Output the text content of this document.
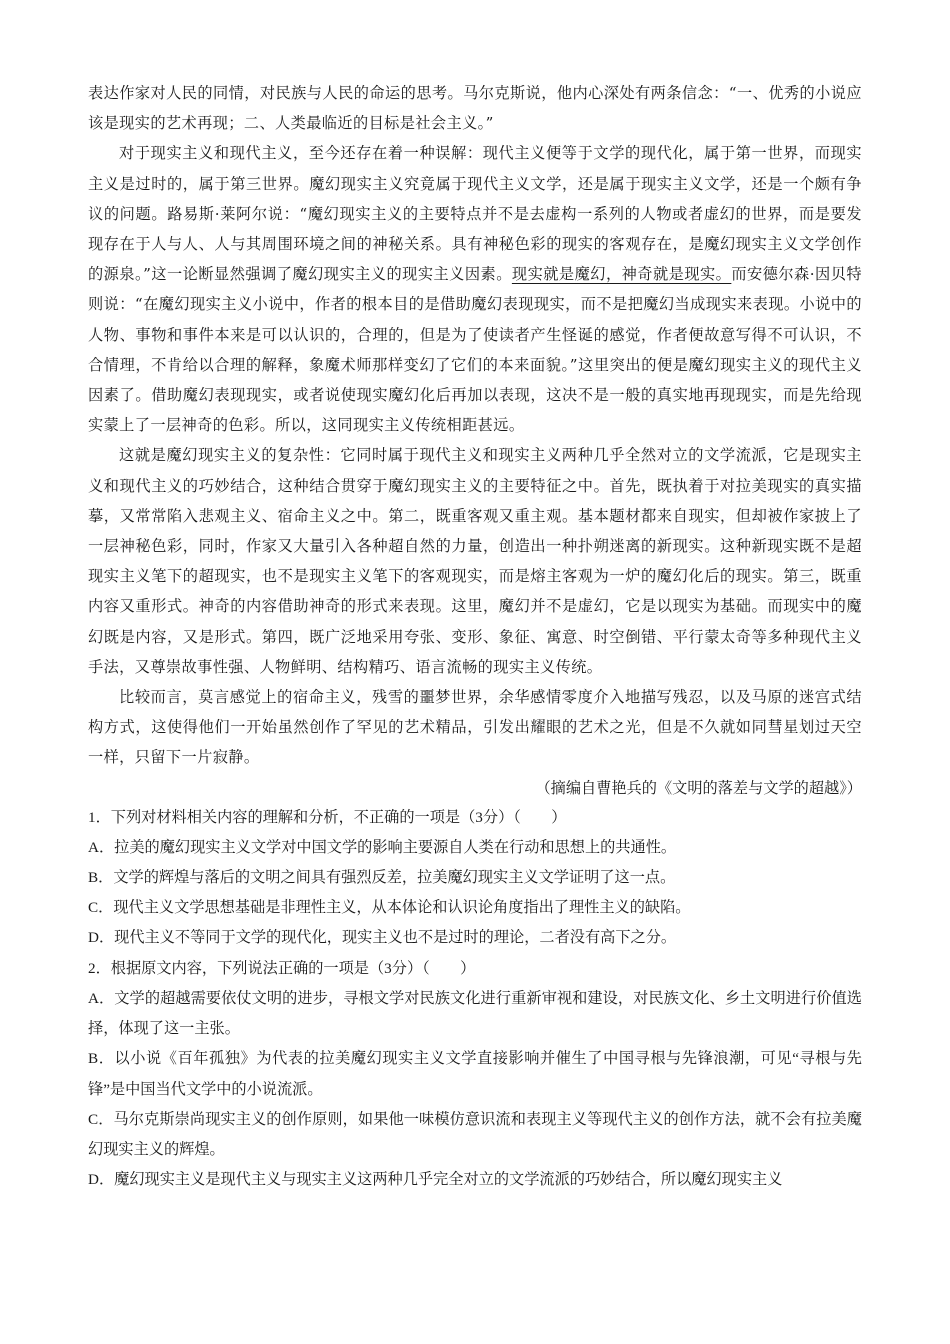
表达作家对人民的同情，对民族与人民的命运的思考。马尔克斯说，他内心深处有两条信念：“一、优秀的小说应该是现实的艺术再现；二、人类最临近的目标是社会主义。”

对于现实主义和现代主义，至今还存在着一种误解：现代主义便等于文学的现代化，属于第一世界，而现实主义是过时的，属于第三世界。魔幻现实主义究竟属于现代主义文学，还是属于现实主义文学，还是一个颇有争议的问题。路易斯·莱阿尔说：“魔幻现实主义的主要特点并不是去虚构一系列的人物或者虚幻的世界，而是要发现存在于人与人、人与其周围环境之间的神秘关系。具有神秘色彩的现实的客观存在，是魔幻现实主义文学创作的源泉。”这一论断显然强调了魔幻现实主义的现实主义因素。现实就是魔幻，神奇就是现实。而安德尔森·因贝特则说：“在魔幻现实主义小说中，作者的根本目的是借助魔幻表现现实，而不是把魔幻当成现实来表现。小说中的人物、事物和事件本来是可以认识的，合理的，但是为了使读者产生怪诞的感觉，作者便故意写得不可认识，不合情理，不肯给以合理的解释，象魔术师那样变幻了它们的本来面貌。”这里突出的便是魔幻现实主义的现代主义因素了。借助魔幻表现现实，或者说使现实魔幻化后再加以表现，这决不是一般的真实地再现现实，而是先给现实蒙上了一层神奇的色彩。所以，这同现实主义传统相距甚远。

这就是魔幻现实主义的复杂性：它同时属于现代主义和现实主义两种几乎全然对立的文学流派，它是现实主义和现代主义的巧妙结合，这种结合贯穿于魔幻现实主义的主要特征之中。首先，既执着于对拉美现实的真实描摹，又常常陷入悲观主义、宿命主义之中。第二，既重客观又重主观。基本题材都来自现实，但却被作家披上了一层神秘色彩，同时，作家又大量引入各种超自然的力量，创造出一种扑朔迷离的新现实。这种新现实既不是超现实主义笔下的超现实，也不是现实主义笔下的客观现实，而是熔主客观为一炉的魔幻化后的现实。第三，既重内容又重形式。神奇的内容借助神奇的形式来表现。这里，魔幻并不是虚幻，它是以现实为基础。而现实中的魔幻既是内容，又是形式。第四，既广泛地采用夸张、变形、象征、寓意、时空倒错、平行蒙太奇等多种现代主义手法，又尊崇故事性强、人物鲜明、结构精巧、语言流畅的现实主义传统。

比较而言，莫言感觉上的宿命主义，残雪的噩梦世界，余华感情零度介入地描写残忍，以及马原的迷宫式结构方式，这使得他们一开始虽然创作了罕见的艺术精品，引发出耀眼的艺术之光，但是不久就如同彗星划过天空一样，只留下一片寂静。

（摘编自曹艳兵的《文明的落差与文学的超越》）

1．下列对材料相关内容的理解和分析，不正确的一项是（3分）（　　）

A．拉美的魔幻现实主义文学对中国文学的影响主要源自人类在行动和思想上的共通性。

B．文学的辉煌与落后的文明之间具有强烈反差，拉美魔幻现实主义文学证明了这一点。

C．现代主义文学思想基础是非理性主义，从本体论和认识论角度指出了理性主义的缺陷。

D．现代主义不等同于文学的现代化，现实主义也不是过时的理论，二者没有高下之分。

2．根据原文内容，下列说法正确的一项是（3分）（　　）

A．文学的超越需要依仗文明的进步，寻根文学对民族文化进行重新审视和建设，对民族文化、乡土文明进行价值选择，体现了这一主张。

B．以小说《百年孤独》为代表的拉美魔幻现实主义文学直接影响并催生了中国寻根与先锋浪潮，可见“寻根与先锋”是中国当代文学中的小说流派。

C．马尔克斯崇尚现实主义的创作原则，如果他一味模仿意识流和表现主义等现代主义的创作方法，就不会有拉美魔幻现实主义的辉煌。

D．魔幻现实主义是现代主义与现实主义这两种几乎完全对立的文学流派的巧妙结合，所以魔幻现实主义
